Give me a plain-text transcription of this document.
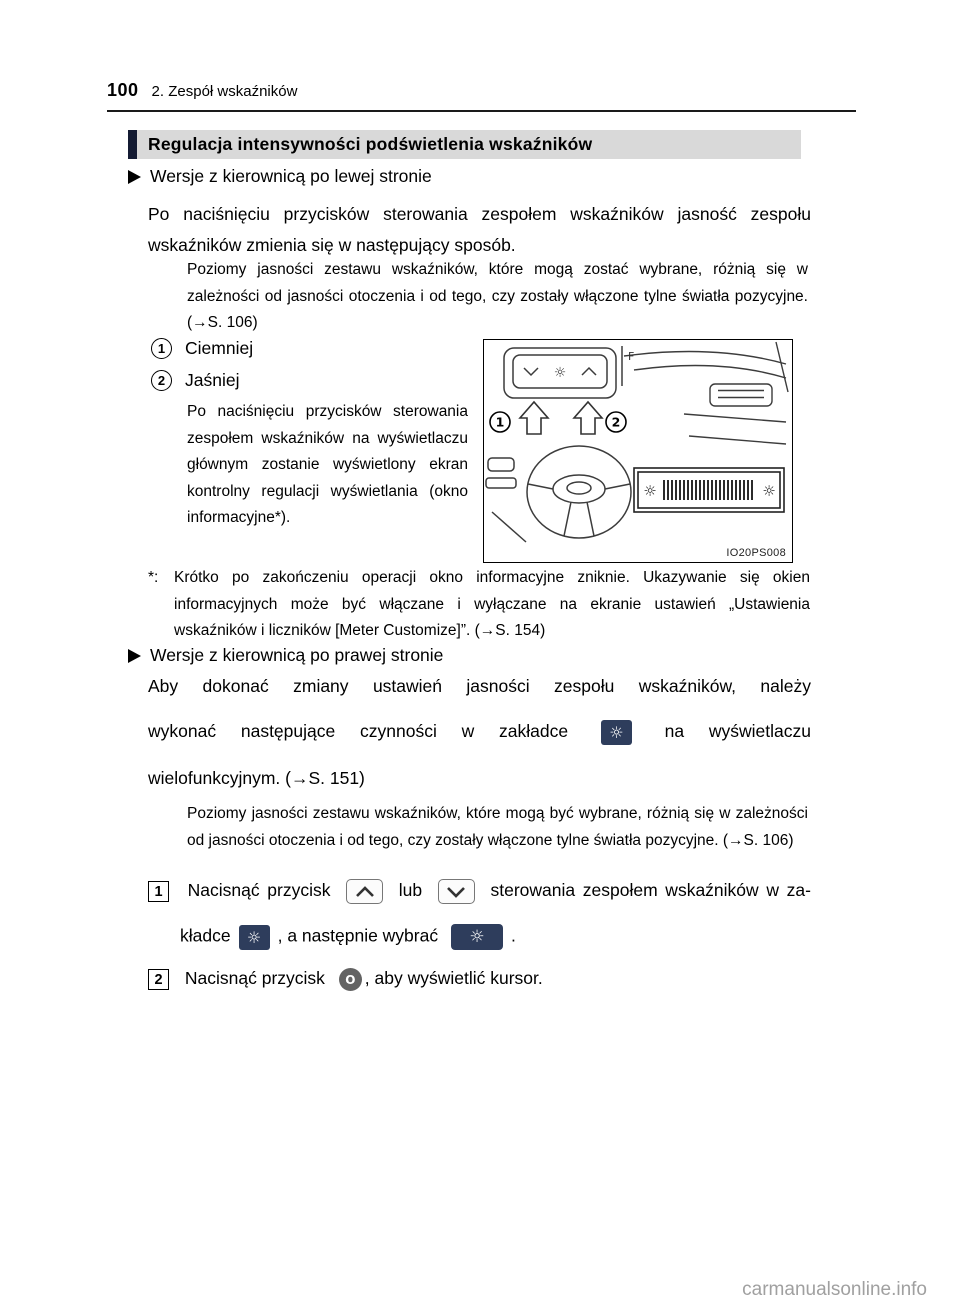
100 2. Zespół wskaźników
Regulacja intensywności podświetlenia wskaźników
Wersje z kierownicą po lewej stronie

Po naciśnięciu przycisków sterowania zespołem wskaźników jasność zespołu wskaźników zmienia się w następujący sposób.

Poziomy jasności zestawu wskaźników, które mogą zostać wybrane, różnią się w zależności od jasności otoczenia i od tego, czy zostały włączone tylne światła pozycyjne. (→S. 106)

1	Ciemniej
2	Jaśniej

Po naciśnięciu przycisków sterowania zespołem wskaźników na wyświetlaczu głównym zostanie wyświetlony ekran kontrolny regulacji wyświetlania (okno informacyjne*).

☼
F
1	2
☼	☼
IO20PS008
*: Krótko po zakończeniu operacji okno informacyjne zniknie. Ukazywanie się okien informacyjnych może być włączane i wyłączane na ekranie ustawień „Ustawienia wskaźników i liczników [Meter Customize]”. (→S. 154)
Wersje z kierownicą po prawej stronie
Aby dokonać zmiany ustawień jasności zespołu wskaźników, należy
wykonać następujące czynności w zakładce	☼ na wyświetlaczu
wielofunkcyjnym. (→S. 151)

Poziomy jasności zestawu wskaźników, które mogą być wybrane, różnią się w zależności od jasności otoczenia i od tego, czy zostały włączone tylne światła pozycyjne. (→S. 106)

1 Nacisnąć przycisk	lub	sterowania zespołem wskaźników w za-
kładce ☼ , a następnie wybrać ☼ .
2 Nacisnąć przycisk O , aby wyświetlić kursor.
carmanualsonline.info
